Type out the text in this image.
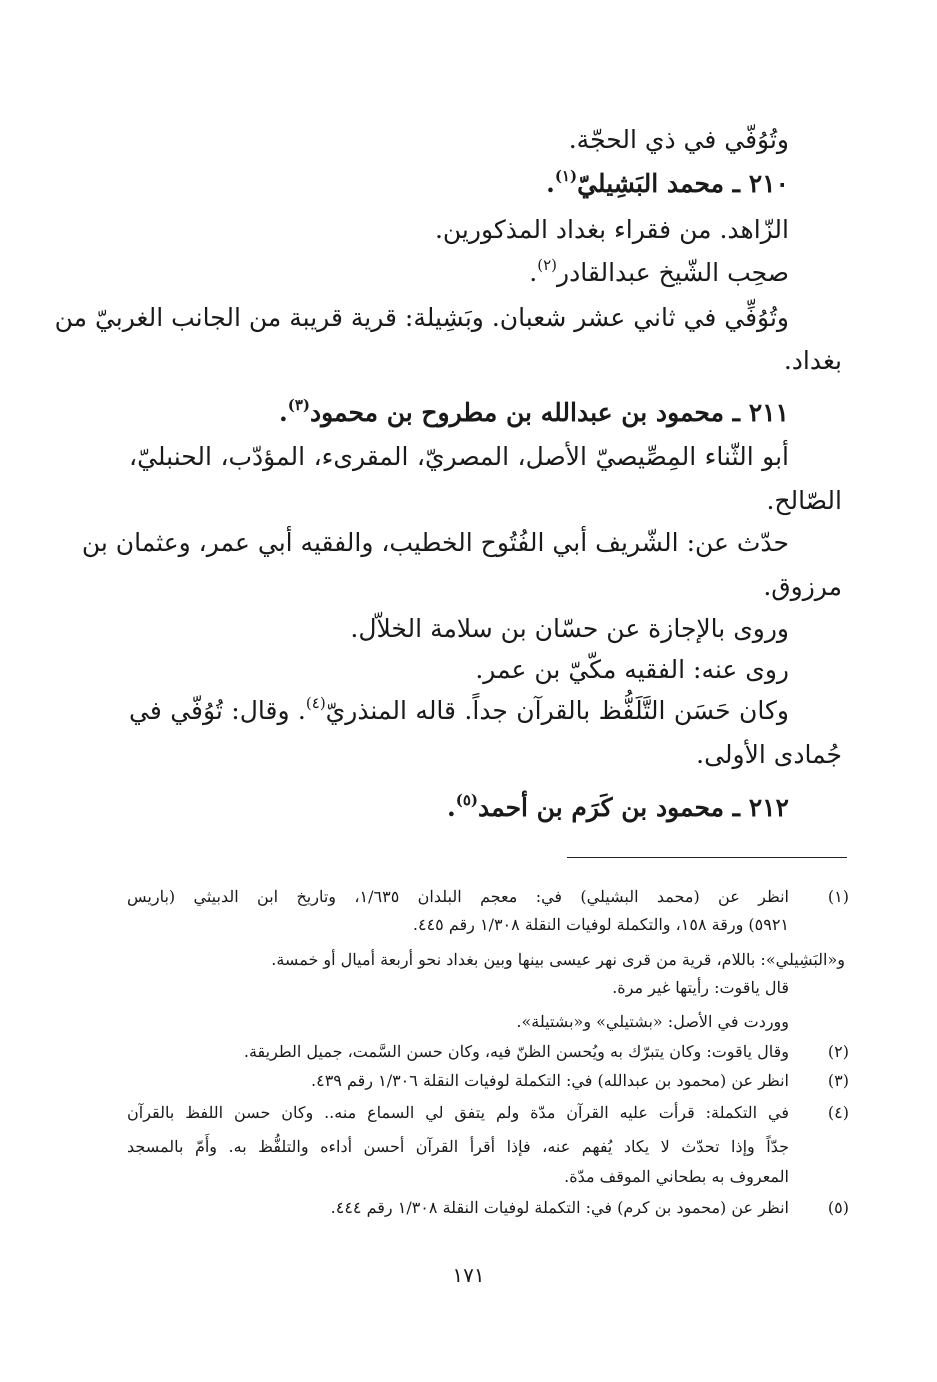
وتُوُفّي في ذي الحجّة.
٢١٠ ـ محمد البَشِيليّ$^{(١)}$.
الزّاهد. من فقراء بغداد المذكورين.
صحِب الشّيخ عبدالقادر$^{(٢)}$.
وتُوُفِّي في ثاني عشر شعبان. وبَشِيلة: قرية قريبة من الجانب الغربيّ من
بغداد.
٢١١ ـ محمود بن عبدالله بن مطروح بن محمود$^{(٣)}$.
أبو الثّناء المِصِّيصيّ الأصل، المصريّ، المقرىء، المؤدّب، الحنبليّ،
الصّالح.
حدّث عن: الشّريف أبي الفُتُوح الخطيب، والفقيه أبي عمر، وعثمان بن
مرزوق.
وروى بالإجازة عن حسّان بن سلامة الخلاّل.
روى عنه: الفقيه مكّيّ بن عمر.
وكان حَسَن التَّلَفُّظ بالقرآن جداً. قاله المنذريّ$^{(٤)}$. وقال: تُوُفّي في
جُمادى الأولى.
٢١٢ ـ محمود بن كَرَم بن أحمد$^{(٥)}$.
(١)
انظر عن (محمد البشيلي) في: معجم البلدان ١/٦٣٥، وتاريخ ابن الدبيثي (باريس
٥٩٢١) ورقة ١٥٨، والتكملة لوفيات النقلة ١/٣٠٨ رقم ٤٤٥.
و«البَشِيلي»: باللام، قرية من قرى نهر عيسى بينها وبين بغداد نحو أربعة أميال أو خمسة.
قال ياقوت: رأيتها غير مرة.
ووردت في الأصل: «بشتيلي» و«بشتيلة».
(٢)
وقال ياقوت: وكان يتبرّك به ويُحسن الظنّ فيه، وكان حسن السَّمت، جميل الطريقة.
(٣)
انظر عن (محمود بن عبدالله) في: التكملة لوفيات النقلة ١/٣٠٦ رقم ٤٣٩.
(٤)
في التكملة: قرأت عليه القرآن مدّة ولم يتفق لي السماع منه.. وكان حسن اللفظ بالقرآن
جدّاً وإذا تحدّث لا يكاد يُفهم عنه، فإذا أقرأ القرآن أحسن أداءه والتلفُّظ به. وأَمّ بالمسجد
المعروف به بطحاني الموقف مدّة.
(٥)
انظر عن (محمود بن كرم) في: التكملة لوفيات النقلة ١/٣٠٨ رقم ٤٤٤.
١٧١
